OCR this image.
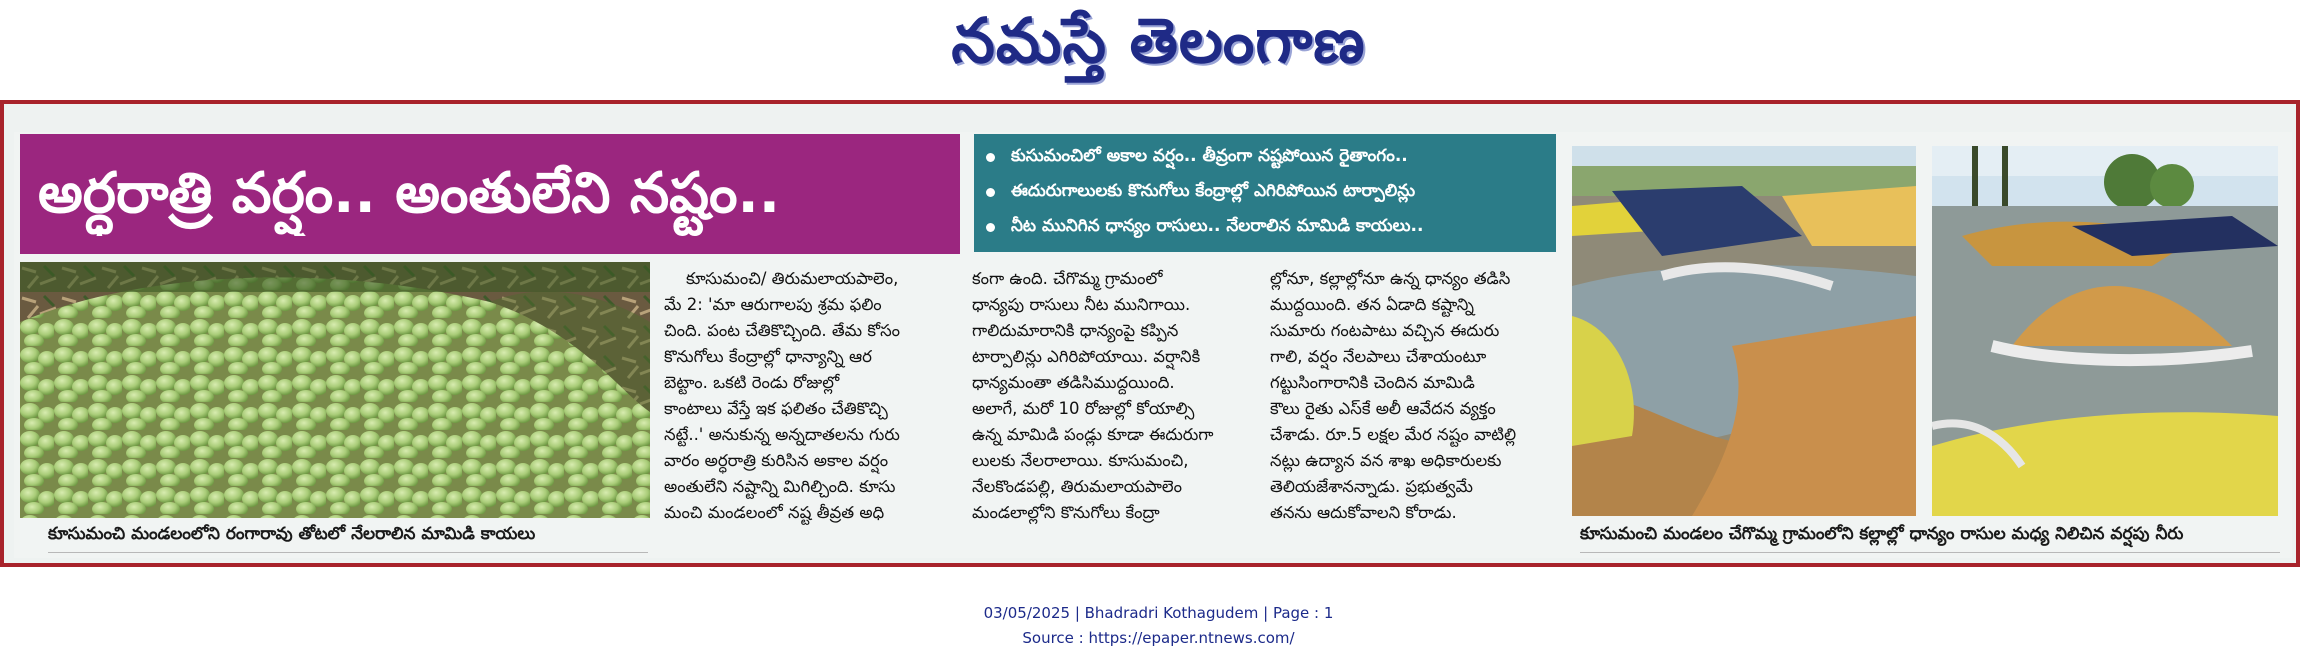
నమస్తే తెలంగాణ
అర్ధరాత్రి వర్షం.. అంతులేని నష్టం..
కుసుమంచిలో అకాల వర్షం.. తీవ్రంగా నష్టపోయిన రైతాంగం..
ఈదురుగాలులకు కొనుగోలు కేంద్రాల్లో ఎగిరిపోయిన టార్పాలిన్లు
నీట మునిగిన ధాన్యం రాసులు.. నేలరాలిన మామిడి కాయలు..
కూసుమంచి మండలంలోని రంగారావు తోటలో నేలరాలిన మామిడి కాయలు

కూసుమంచి/ తిరుమలాయపాలెం,

మే 2: 'మా ఆరుగాలపు శ్రమ ఫలిం

చింది. పంట చేతికొచ్చింది. తేమ కోసం

కొనుగోలు కేంద్రాల్లో ధాన్యాన్ని ఆర

బెట్టాం. ఒకటి రెండు రోజుల్లో

కాంటాలు వేస్తే ఇక ఫలితం చేతికొచ్చి

నట్టే..' అనుకున్న అన్నదాతలను గురు

వారం అర్ధరాత్రి కురిసిన అకాల వర్షం

అంతులేని నష్టాన్ని మిగిల్చింది. కూసు

మంచి మండలంలో నష్ట తీవ్రత అధి

కంగా ఉంది. చేగొమ్మ గ్రామంలో

ధాన్యపు రాసులు నీట మునిగాయి.

గాలిదుమారానికి ధాన్యంపై కప్పిన

టార్పాలిన్లు ఎగిరిపోయాయి. వర్షానికి

ధాన్యమంతా తడిసిముద్దయింది.

అలాగే, మరో 10 రోజుల్లో కోయాల్సి

ఉన్న మామిడి పండ్లు కూడా ఈదురుగా

లులకు నేలరాలాయి. కూసుమంచి,

నేలకొండపల్లి, తిరుమలాయపాలెం

మండలాల్లోని కొనుగోలు కేంద్రా

ల్లోనూ, కల్లాల్లోనూ ఉన్న ధాన్యం తడిసి

ముద్దయింది. తన ఏడాది కష్టాన్ని

సుమారు గంటపాటు వచ్చిన ఈదురు

గాలి, వర్షం నేలపాలు చేశాయంటూ

గట్టుసింగారానికి చెందిన మామిడి

కౌలు రైతు ఎస్‌కే అలీ ఆవేదన వ్యక్తం

చేశాడు. రూ.5 లక్షల మేర నష్టం వాటిల్లి

నట్లు ఉద్యాన వన శాఖ అధికారులకు

తెలియజేశానన్నాడు. ప్రభుత్వమే

తనను ఆదుకోవాలని కోరాడు.

కూసుమంచి మండలం చేగొమ్మ గ్రామంలోని కల్లాల్లో ధాన్యం రాసుల మధ్య నిలిచిన వర్షపు నీరు
03/05/2025 | Bhadradri Kothagudem | Page : 1
Source : https://epaper.ntnews.com/
